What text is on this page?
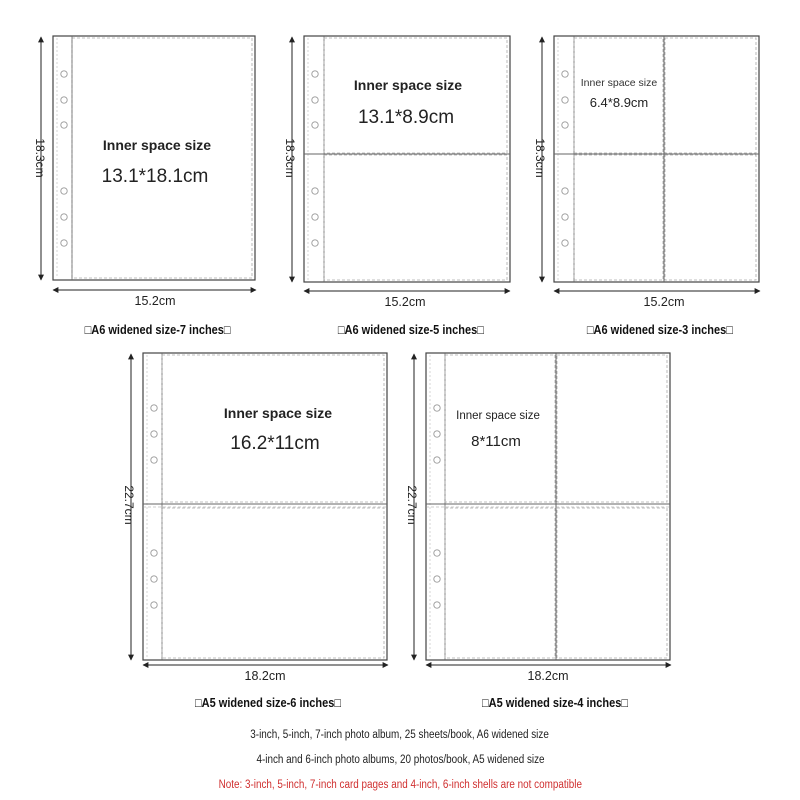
18.3cm
15.2cm
Inner space size
13.1*18.1cm	18.3cm
15.2cm
Inner space size
13.1*8.9cm
18.3cm
15.2cm
Inner space size
6.4*8.9cm
22.7cm
18.2cm
Inner space size
16.2*11cm
22.7cm
18.2cm
Inner space size
8*11cm
□A6 widened size-7 inches□	□A6 widened size-5 inches□	□A6 widened size-3 inches□
□A5 widened size-6 inches□	□A5 widened size-4 inches□
3-inch, 5-inch, 7-inch photo album, 25 sheets/book, A6 widened size
4-inch and 6-inch photo albums, 20 photos/book, A5 widened size
Note: 3-inch, 5-inch, 7-inch card pages and 4-inch, 6-inch shells are not compatible
